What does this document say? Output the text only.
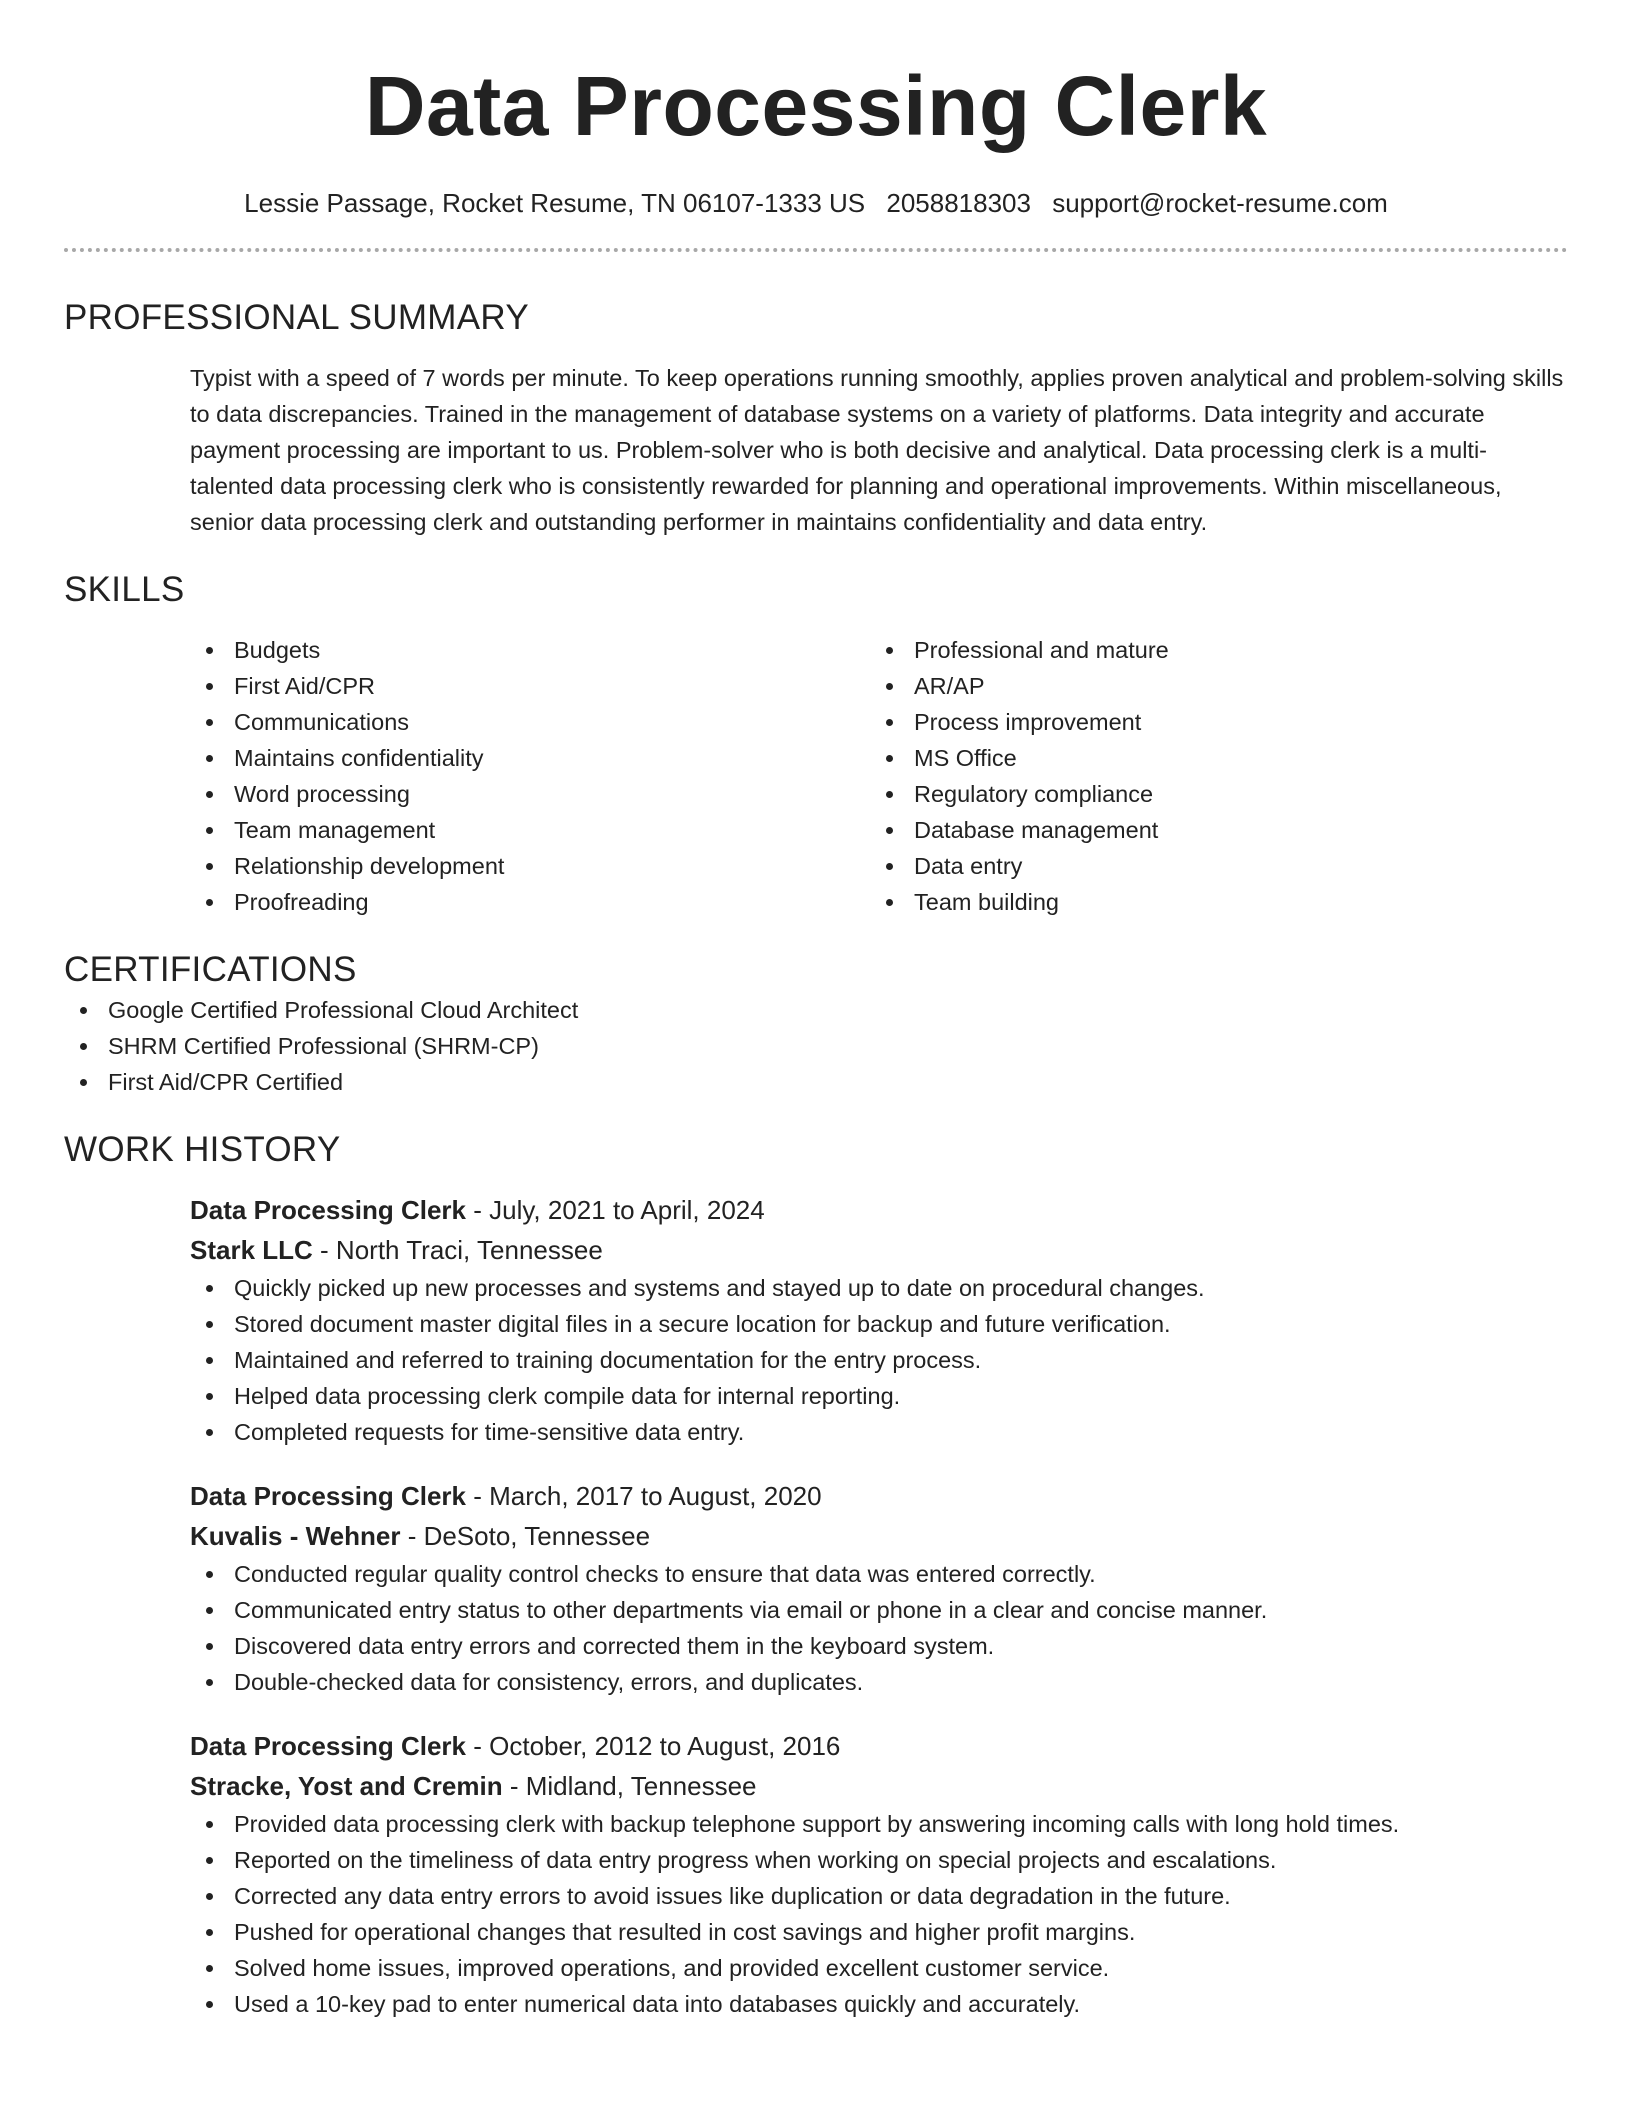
Data Processing Clerk
Lessie Passage, Rocket Resume, TN 06107-1333 US 2058818303 support@rocket-resume.com
PROFESSIONAL SUMMARY

Typist with a speed of 7 words per minute. To keep operations running smoothly, applies proven analytical and problem-solving skills to data discrepancies. Trained in the management of database systems on a variety of platforms. Data integrity and accurate payment processing are important to us. Problem-solver who is both decisive and analytical. Data processing clerk is a multi-talented data processing clerk who is consistently rewarded for planning and operational improvements. Within miscellaneous, senior data processing clerk and outstanding performer in maintains confidentiality and data entry.

SKILLS
Budgets
First Aid/CPR
Communications
Maintains confidentiality
Word processing
Team management
Relationship development
Proofreading
Professional and mature
AR/AP
Process improvement
MS Office
Regulatory compliance
Database management
Data entry
Team building
CERTIFICATIONS
Google Certified Professional Cloud Architect
SHRM Certified Professional (SHRM-CP)
First Aid/CPR Certified
WORK HISTORY
Data Processing Clerk - July, 2021 to April, 2024
Stark LLC - North Traci, Tennessee
Quickly picked up new processes and systems and stayed up to date on procedural changes.
Stored document master digital files in a secure location for backup and future verification.
Maintained and referred to training documentation for the entry process.
Helped data processing clerk compile data for internal reporting.
Completed requests for time-sensitive data entry.
Data Processing Clerk - March, 2017 to August, 2020
Kuvalis - Wehner - DeSoto, Tennessee
Conducted regular quality control checks to ensure that data was entered correctly.
Communicated entry status to other departments via email or phone in a clear and concise manner.
Discovered data entry errors and corrected them in the keyboard system.
Double-checked data for consistency, errors, and duplicates.
Data Processing Clerk - October, 2012 to August, 2016
Stracke, Yost and Cremin - Midland, Tennessee
Provided data processing clerk with backup telephone support by answering incoming calls with long hold times.
Reported on the timeliness of data entry progress when working on special projects and escalations.
Corrected any data entry errors to avoid issues like duplication or data degradation in the future.
Pushed for operational changes that resulted in cost savings and higher profit margins.
Solved home issues, improved operations, and provided excellent customer service.
Used a 10-key pad to enter numerical data into databases quickly and accurately.
